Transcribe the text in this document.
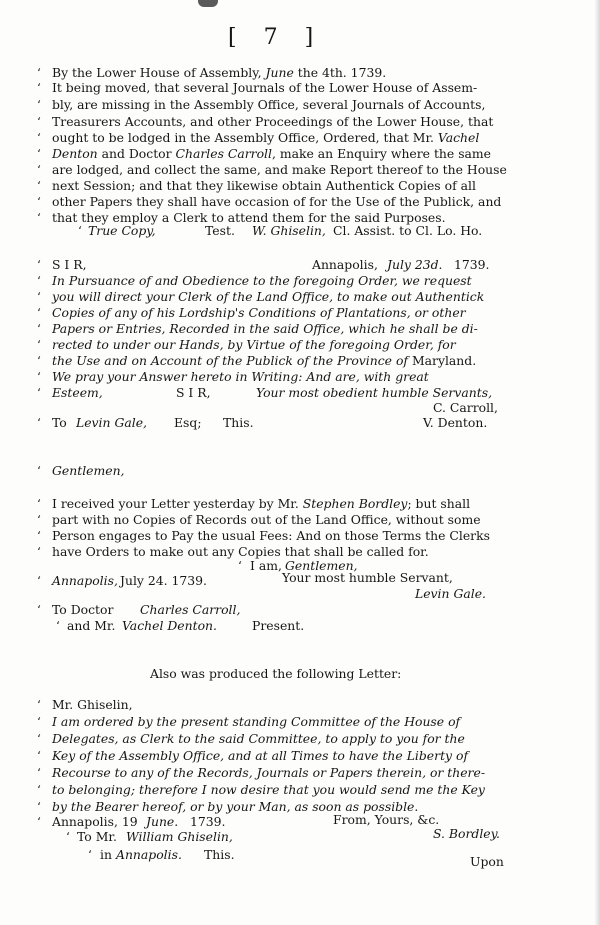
[ 7 ]
‘ By the Lower House of Assembly, June the 4th. 1739.
‘ It being moved, that several Journals of the Lower House of Assem-
‘ bly, are missing in the Assembly Office, several Journals of Accounts,
‘ Treasurers Accounts, and other Proceedings of the Lower House, that
‘ ought to be lodged in the Assembly Office, Ordered, that Mr. Vachel
‘ Denton and Doctor Charles Carroll, make an Enquiry where the same
‘ are lodged, and collect the same, and make Report thereof to the House
‘ next Session; and that they likewise obtain Authentick Copies of all
‘ other Papers they shall have occasion of for the Use of the Publick, and
‘ that they employ a Clerk to attend them for the said Purposes.
‘ True Copy,	Test. W. Ghiselin, Cl. Assist. to Cl. Lo. Ho.
‘ S I R,	Annapolis, July 23d. 1739.
‘ In Pursuance of and Obedience to the foregoing Order, we request
‘ you will direct your Clerk of the Land Office, to make out Authentick
‘ Copies of any of his Lordship's Conditions of Plantations, or other
‘ Papers or Entries, Recorded in the said Office, which he shall be di-
‘ rected to under our Hands, by Virtue of the foregoing Order, for
‘ the Use and on Account of the Publick of the Province of Maryland.
‘ We pray your Answer hereto in Writing: And are, with great
‘ Esteem,	S I R,	Your most obedient humble Servants,
C. Carroll,
‘ To Levin Gale, Esq; This.	V. Denton.
‘ Gentlemen,
‘ I received your Letter yesterday by Mr. Stephen Bordley; but shall
‘ part with no Copies of Records out of the Land Office, without some
‘ Person engages to Pay the usual Fees: And on those Terms the Clerks
‘ have Orders to make out any Copies that shall be called for.
‘ I am, Gentlemen,
‘ Annapolis, July 24. 1739.	Your most humble Servant,
Levin Gale.
‘ To Doctor Charles Carroll,
‘ and Mr. Vachel Denton.	Present.
Also was produced the following Letter:
‘ Mr. Ghiselin,
‘ I am ordered by the present standing Committee of the House of
‘ Delegates, as Clerk to the said Committee, to apply to you for the
‘ Key of the Assembly Office, and at all Times to have the Liberty of
‘ Recourse to any of the Records, Journals or Papers therein, or there-
‘ to belonging; therefore I now desire that you would send me the Key
‘ by the Bearer hereof, or by your Man, as soon as possible.
‘ Annapolis, 19 June. 1739.	From, Yours, &c.
‘ To Mr. William Ghiselin,	S. Bordley.
‘ in Annapolis. This.	Upon
